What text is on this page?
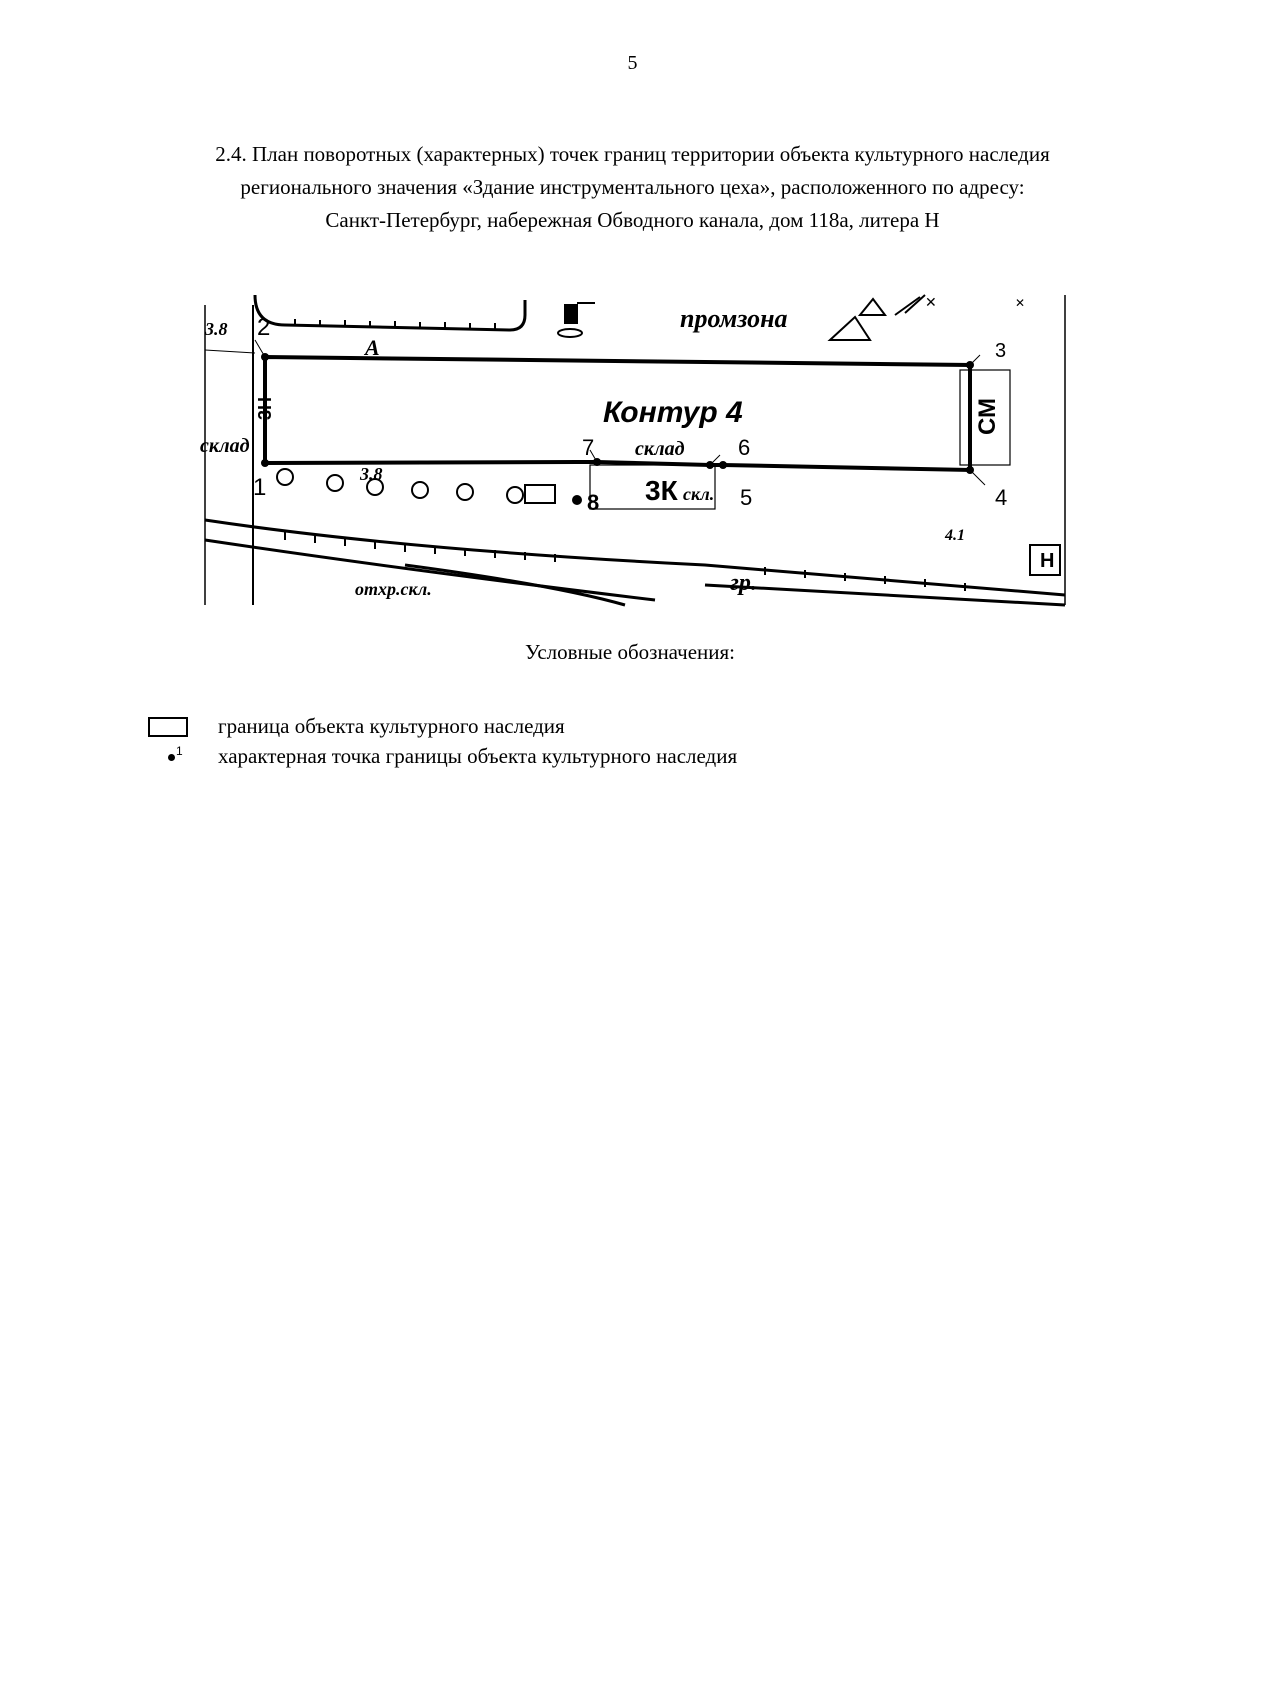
5
2.4. План поворотных (характерных) точек границ территории объекта культурного наследия
регионального значения «Здание инструментального цеха», расположенного по адресу:
Санкт-Петербург, набережная Обводного канала, дом 118а, литера Н
✕	✕
3.8 2
А
промзона
3
Контур 4
склад
7	6
склад
3Н	СМ
1	3.8
3К скл. 5
8	4
4.1
отхр.скл.	гр.
Н
Условные обозначения:
граница объекта культурного наследия
1 характерная точка границы объекта культурного наследия
